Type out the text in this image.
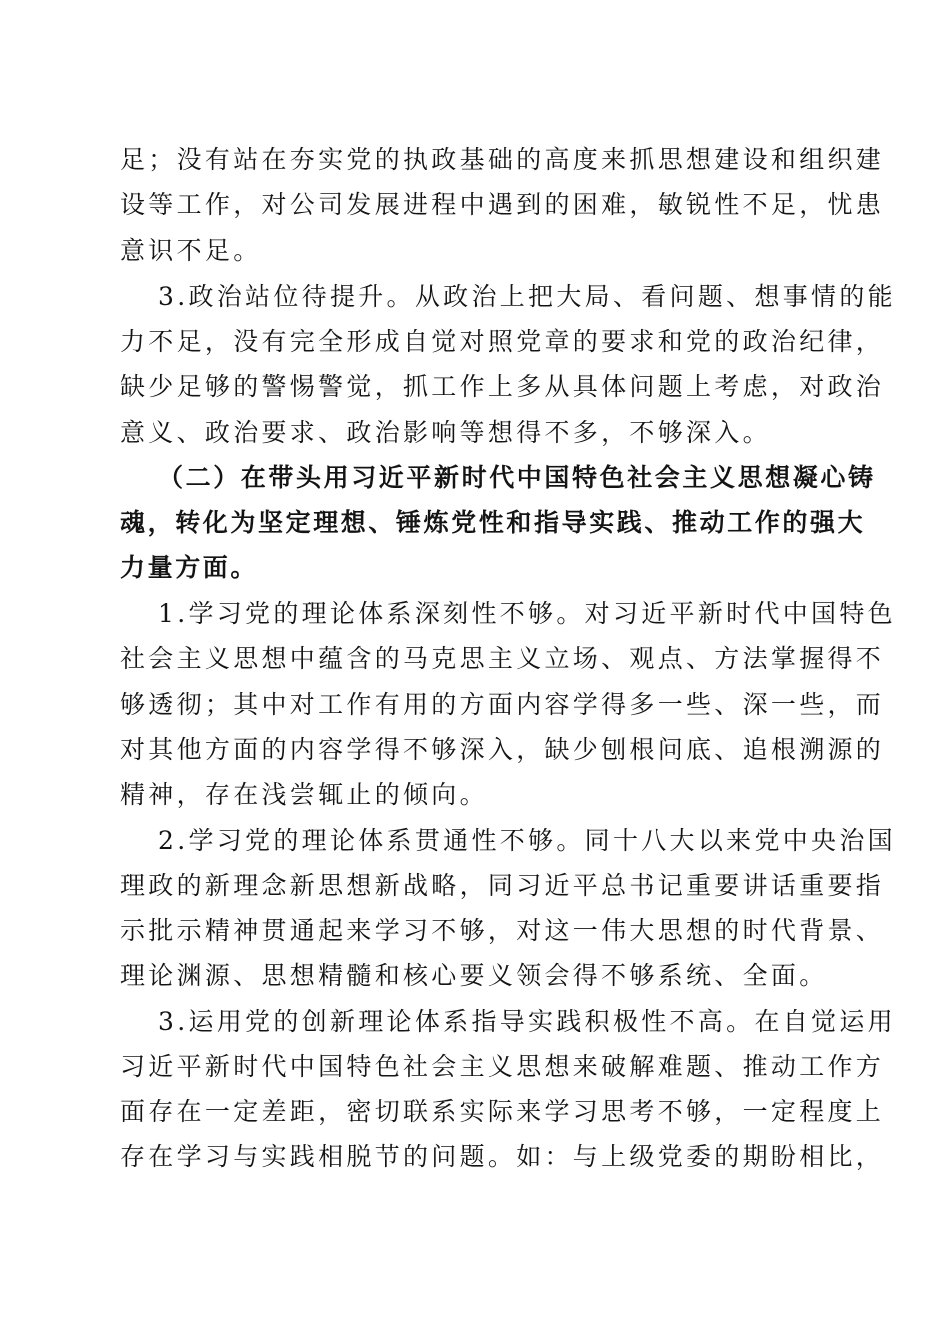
足；没有站在夯实党的执政基础的高度来抓思想建设和组织建
设等工作，对公司发展进程中遇到的困难，敏锐性不足，忧患
意识不足。
3.政治站位待提升。从政治上把大局、看问题、想事情的能
力不足，没有完全形成自觉对照党章的要求和党的政治纪律，
缺少足够的警惕警觉，抓工作上多从具体问题上考虑，对政治
意义、政治要求、政治影响等想得不多，不够深入。
（二）在带头用习近平新时代中国特色社会主义思想凝心铸
魂，转化为坚定理想、锤炼党性和指导实践、推动工作的强大
力量方面。
1.学习党的理论体系深刻性不够。对习近平新时代中国特色
社会主义思想中蕴含的马克思主义立场、观点、方法掌握得不
够透彻；其中对工作有用的方面内容学得多一些、深一些，而
对其他方面的内容学得不够深入，缺少刨根问底、追根溯源的
精神，存在浅尝辄止的倾向。
2.学习党的理论体系贯通性不够。同十八大以来党中央治国
理政的新理念新思想新战略，同习近平总书记重要讲话重要指
示批示精神贯通起来学习不够，对这一伟大思想的时代背景、
理论渊源、思想精髓和核心要义领会得不够系统、全面。
3.运用党的创新理论体系指导实践积极性不高。在自觉运用
习近平新时代中国特色社会主义思想来破解难题、推动工作方
面存在一定差距，密切联系实际来学习思考不够，一定程度上
存在学习与实践相脱节的问题。如：与上级党委的期盼相比，
